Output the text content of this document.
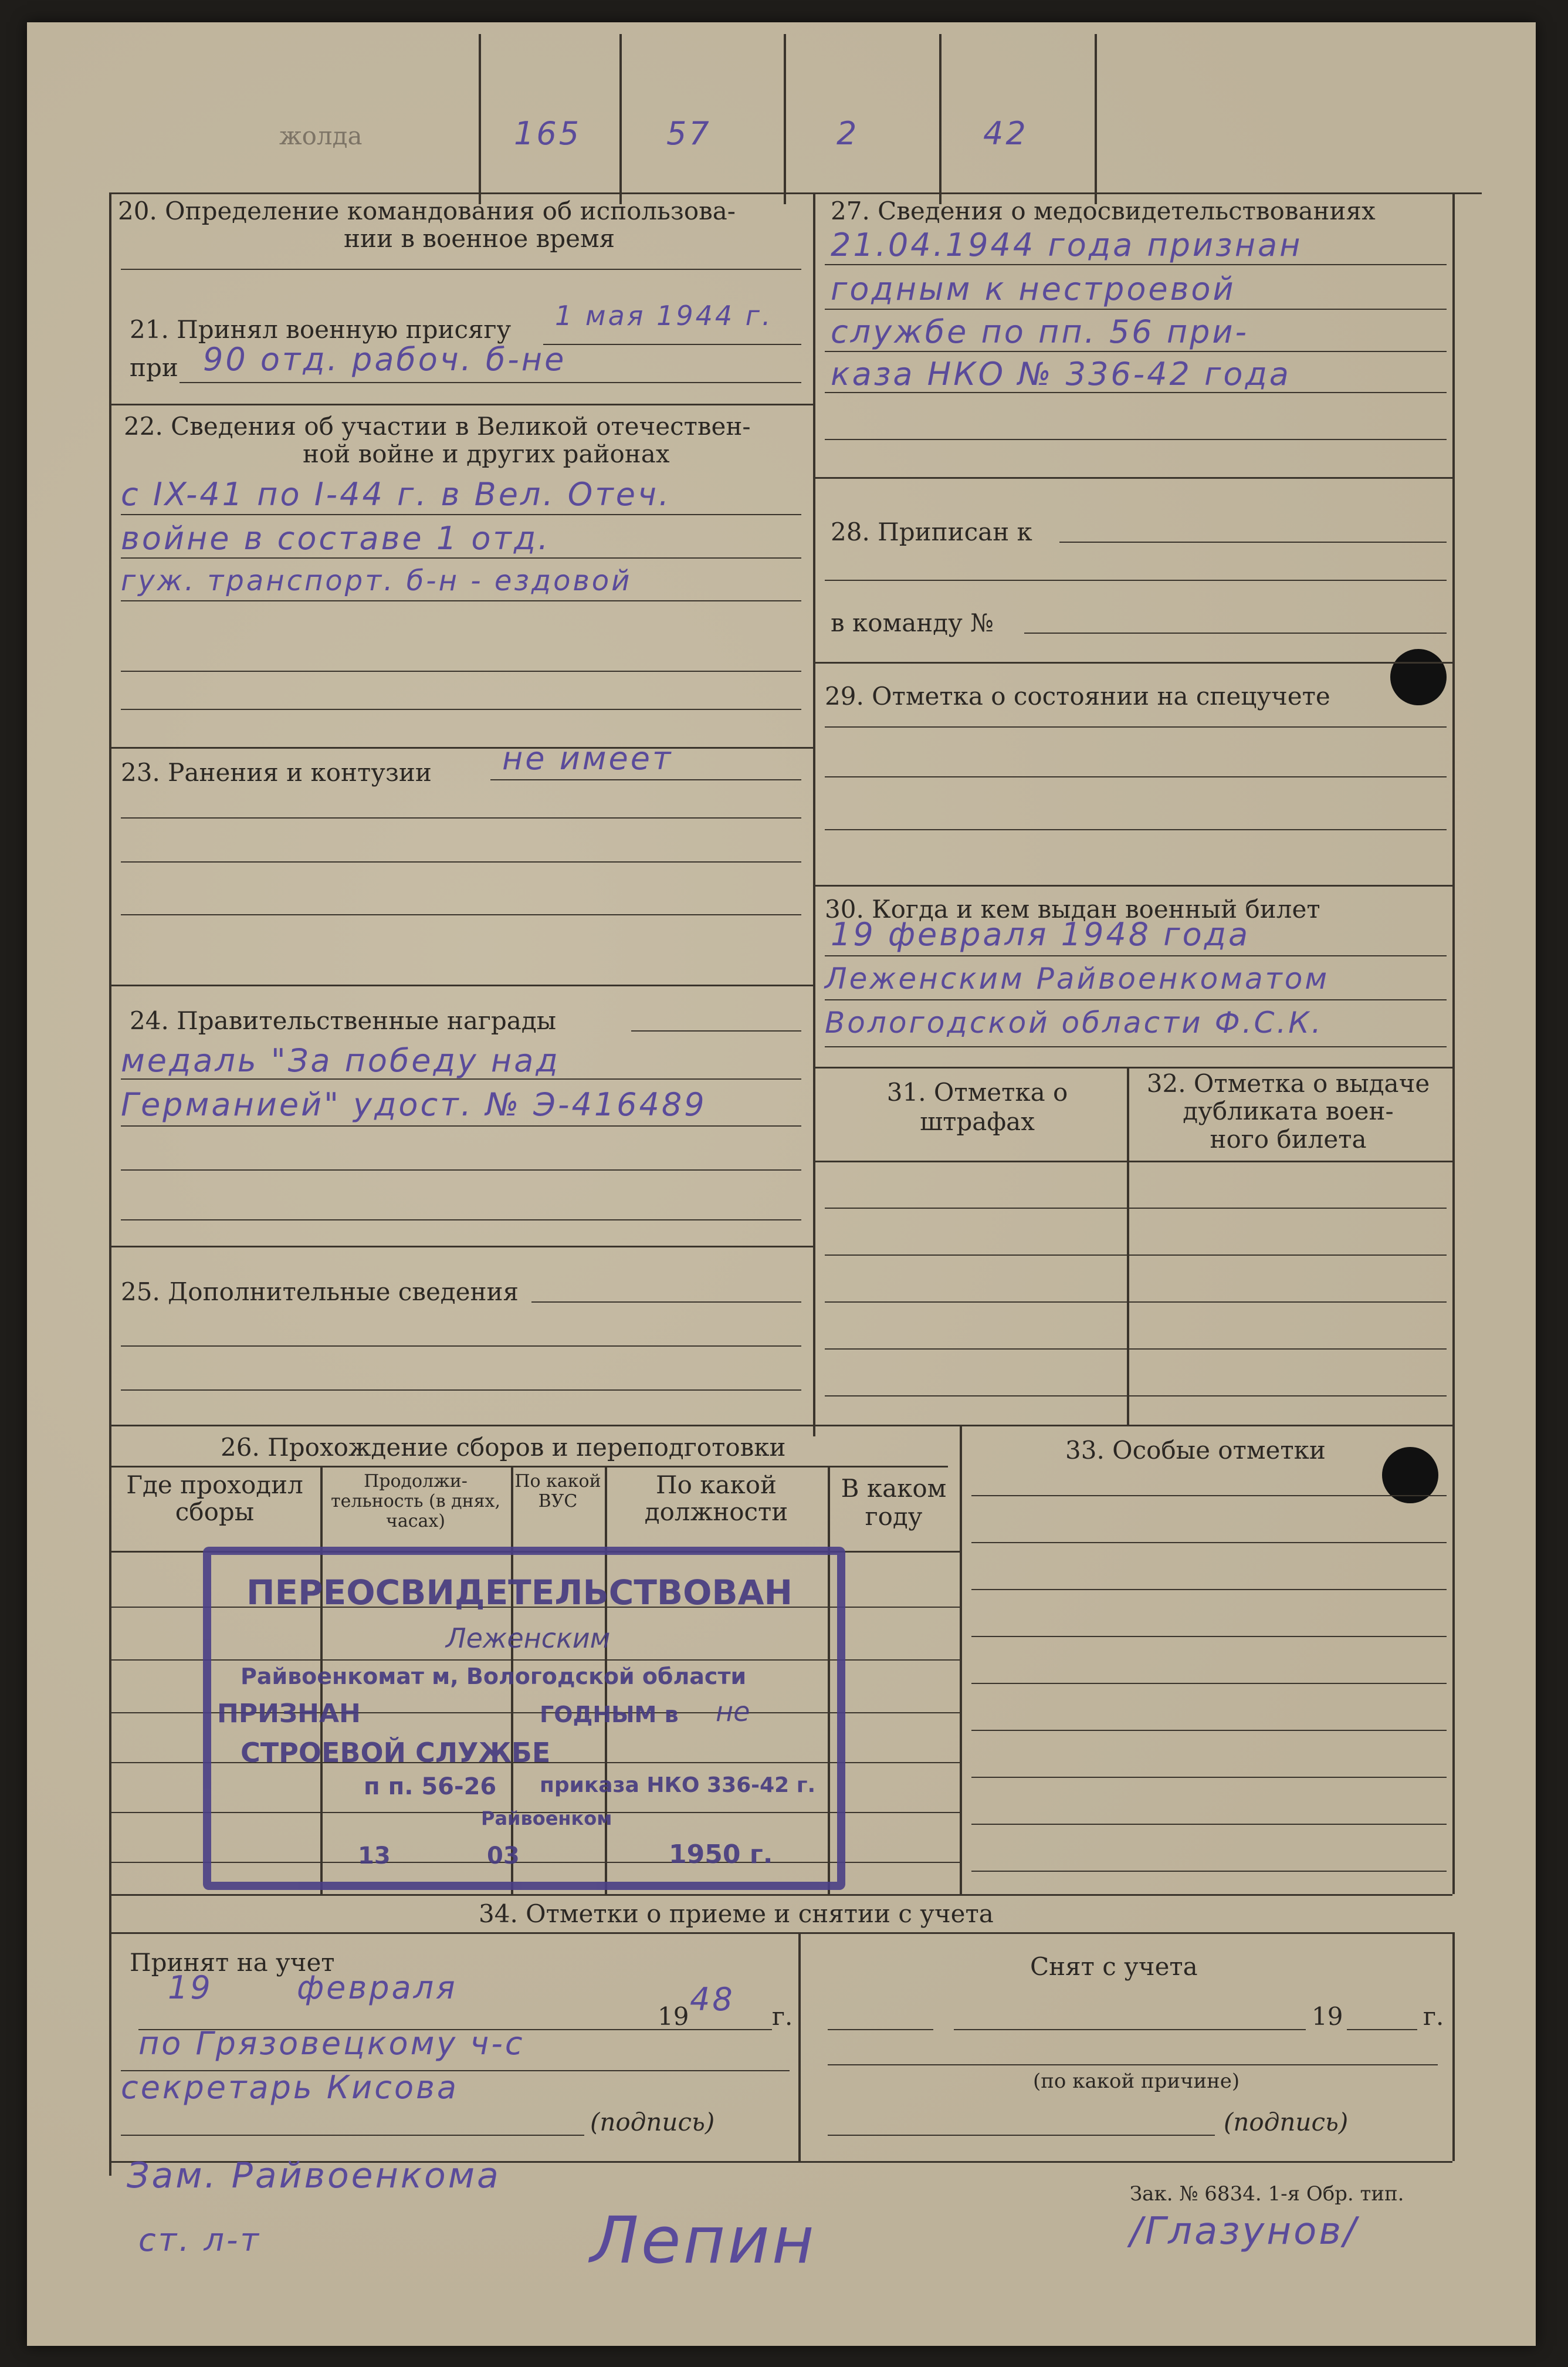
жолда	165	57	2	42
20. Определение командования об использова-
нии в военное время
21. Принял военную присягу 1 мая 1944 г.
при 90 отд. рабоч. б-не
22. Сведения об участии в Великой отечествен-
ной войне и других районах
с IX-41 по I-44 г. в Вел. Отеч.
войне в составе 1 отд.
гуж. транспорт. б-н - ездовой
23. Ранения и контузии не имеет
24. Правительственные награды
медаль "За победу над
Германией" удост. № Э-416489
25. Дополнительные сведения
27. Сведения о медосвидетельствованиях
21.04.1944 года признан
годным к нестроевой
службе по пп. 56 при-
каза НКО № 336-42 года
28. Приписан к
в команду №
29. Отметка о состоянии на спецучете
30. Когда и кем выдан военный билет
19 февраля 1948 года
Леженским Райвоенкоматом
Вологодской области Ф.С.К.
31. Отметка о
штрафах
32. Отметка о выдаче
дубликата воен-
ного билета
26. Прохождение сборов и переподготовки
Где проходил сборы
Продолжи-тельность (в днях, часах)
По какой ВУС
По какой должности
В каком году
33. Особые отметки
ПЕРЕОСВИДЕТЕЛЬСТВОВАН
Леженским
Райвоенкомат м, Вологодской области
ПРИЗНАН	ГОДНЫМ в не
СТРОЕВОЙ СЛУЖБЕ
п п. 56-26 приказа НКО 336-42 г.
Райвоенком
13	03	1950 г.
34. Отметки о приеме и снятии с учета
Принят на учет
19	февраля
19 48 г.
по Грязовецкому ч-с
секретарь Кисова
(подпись)
Снят с учета
19	г.
(по какой причине)
(подпись)
Зак. № 6834. 1-я Обр. тип.
Зам. Райвоенкома
ст. л-т	Лепин	/Глазунов/
